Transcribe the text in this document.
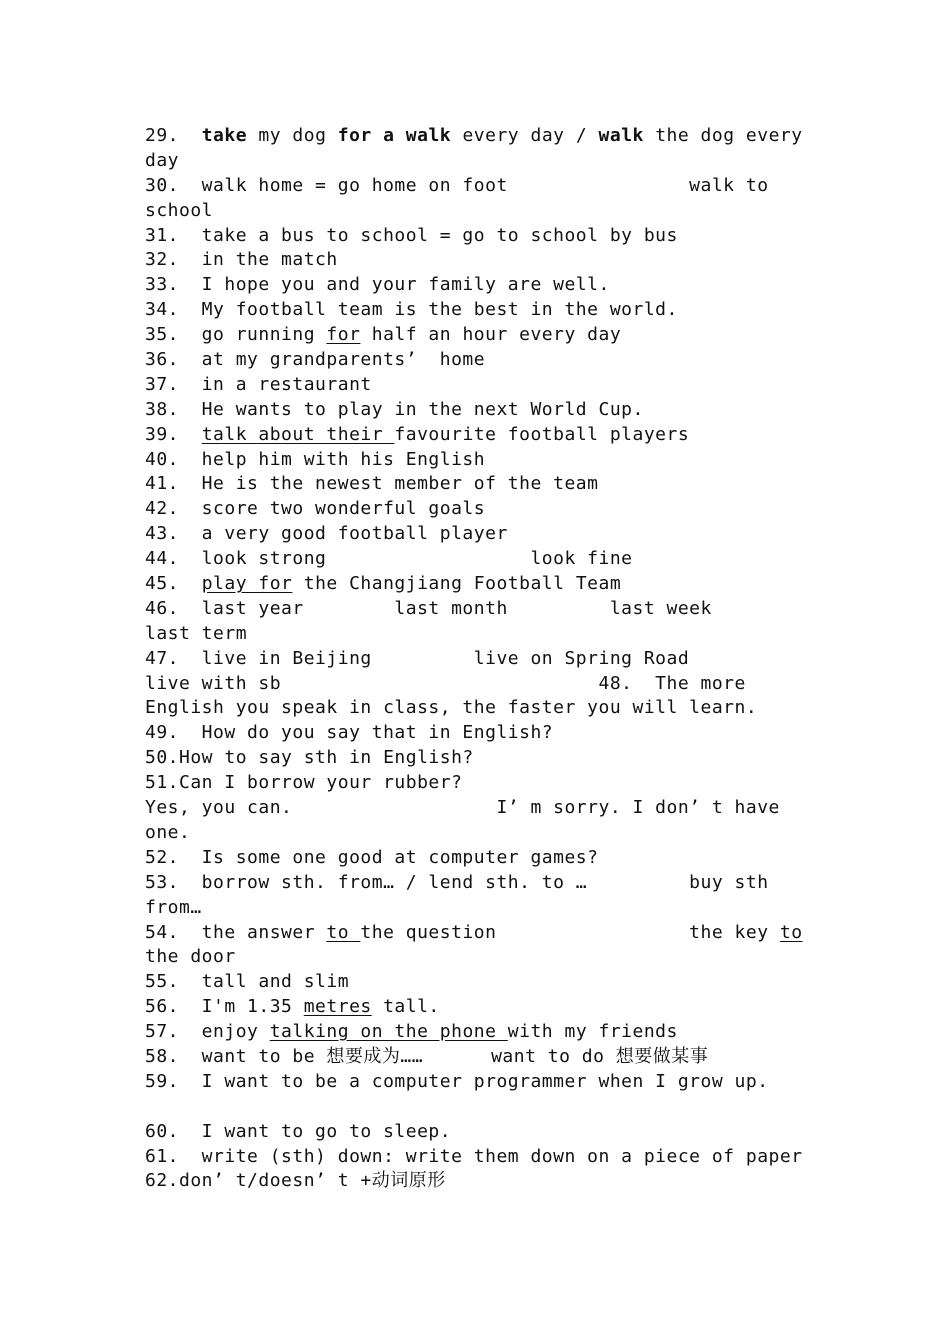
29.  take my dog for a walk every day / walk the dog every
day
30.  walk home = go home on foot                walk to
school
31.  take a bus to school = go to school by bus
32.  in the match
33.  I hope you and your family are well.
34.  My football team is the best in the world.
35.  go running for half an hour every day
36.  at my grandparents’  home
37.  in a restaurant
38.  He wants to play in the next World Cup.
39.  talk about their favourite football players
40.  help him with his English
41.  He is the newest member of the team
42.  score two wonderful goals
43.  a very good football player
44.  look strong                  look fine
45.  play for the Changjiang Football Team
46.  last year        last month         last week
last term
47.  live in Beijing         live on Spring Road
live with sb                            48.  The more
English you speak in class, the faster you will learn.
49.  How do you say that in English?
50.How to say sth in English?
51.Can I borrow your rubber?
Yes, you can.                  I’ m sorry. I don’ t have
one.
52.  Is some one good at computer games?
53.  borrow sth. from… / lend sth. to …         buy sth
from…
54.  the answer to the question                 the key to
the door
55.  tall and slim
56.  I'm 1.35 metres tall.
57.  enjoy talking on the phone with my friends
58.  want to be 想要成为……      want to do 想要做某事
59.  I want to be a computer programmer when I grow up.
60.  I want to go to sleep.
61.  write (sth) down: write them down on a piece of paper
62.don’ t/doesn’ t +动词原形
